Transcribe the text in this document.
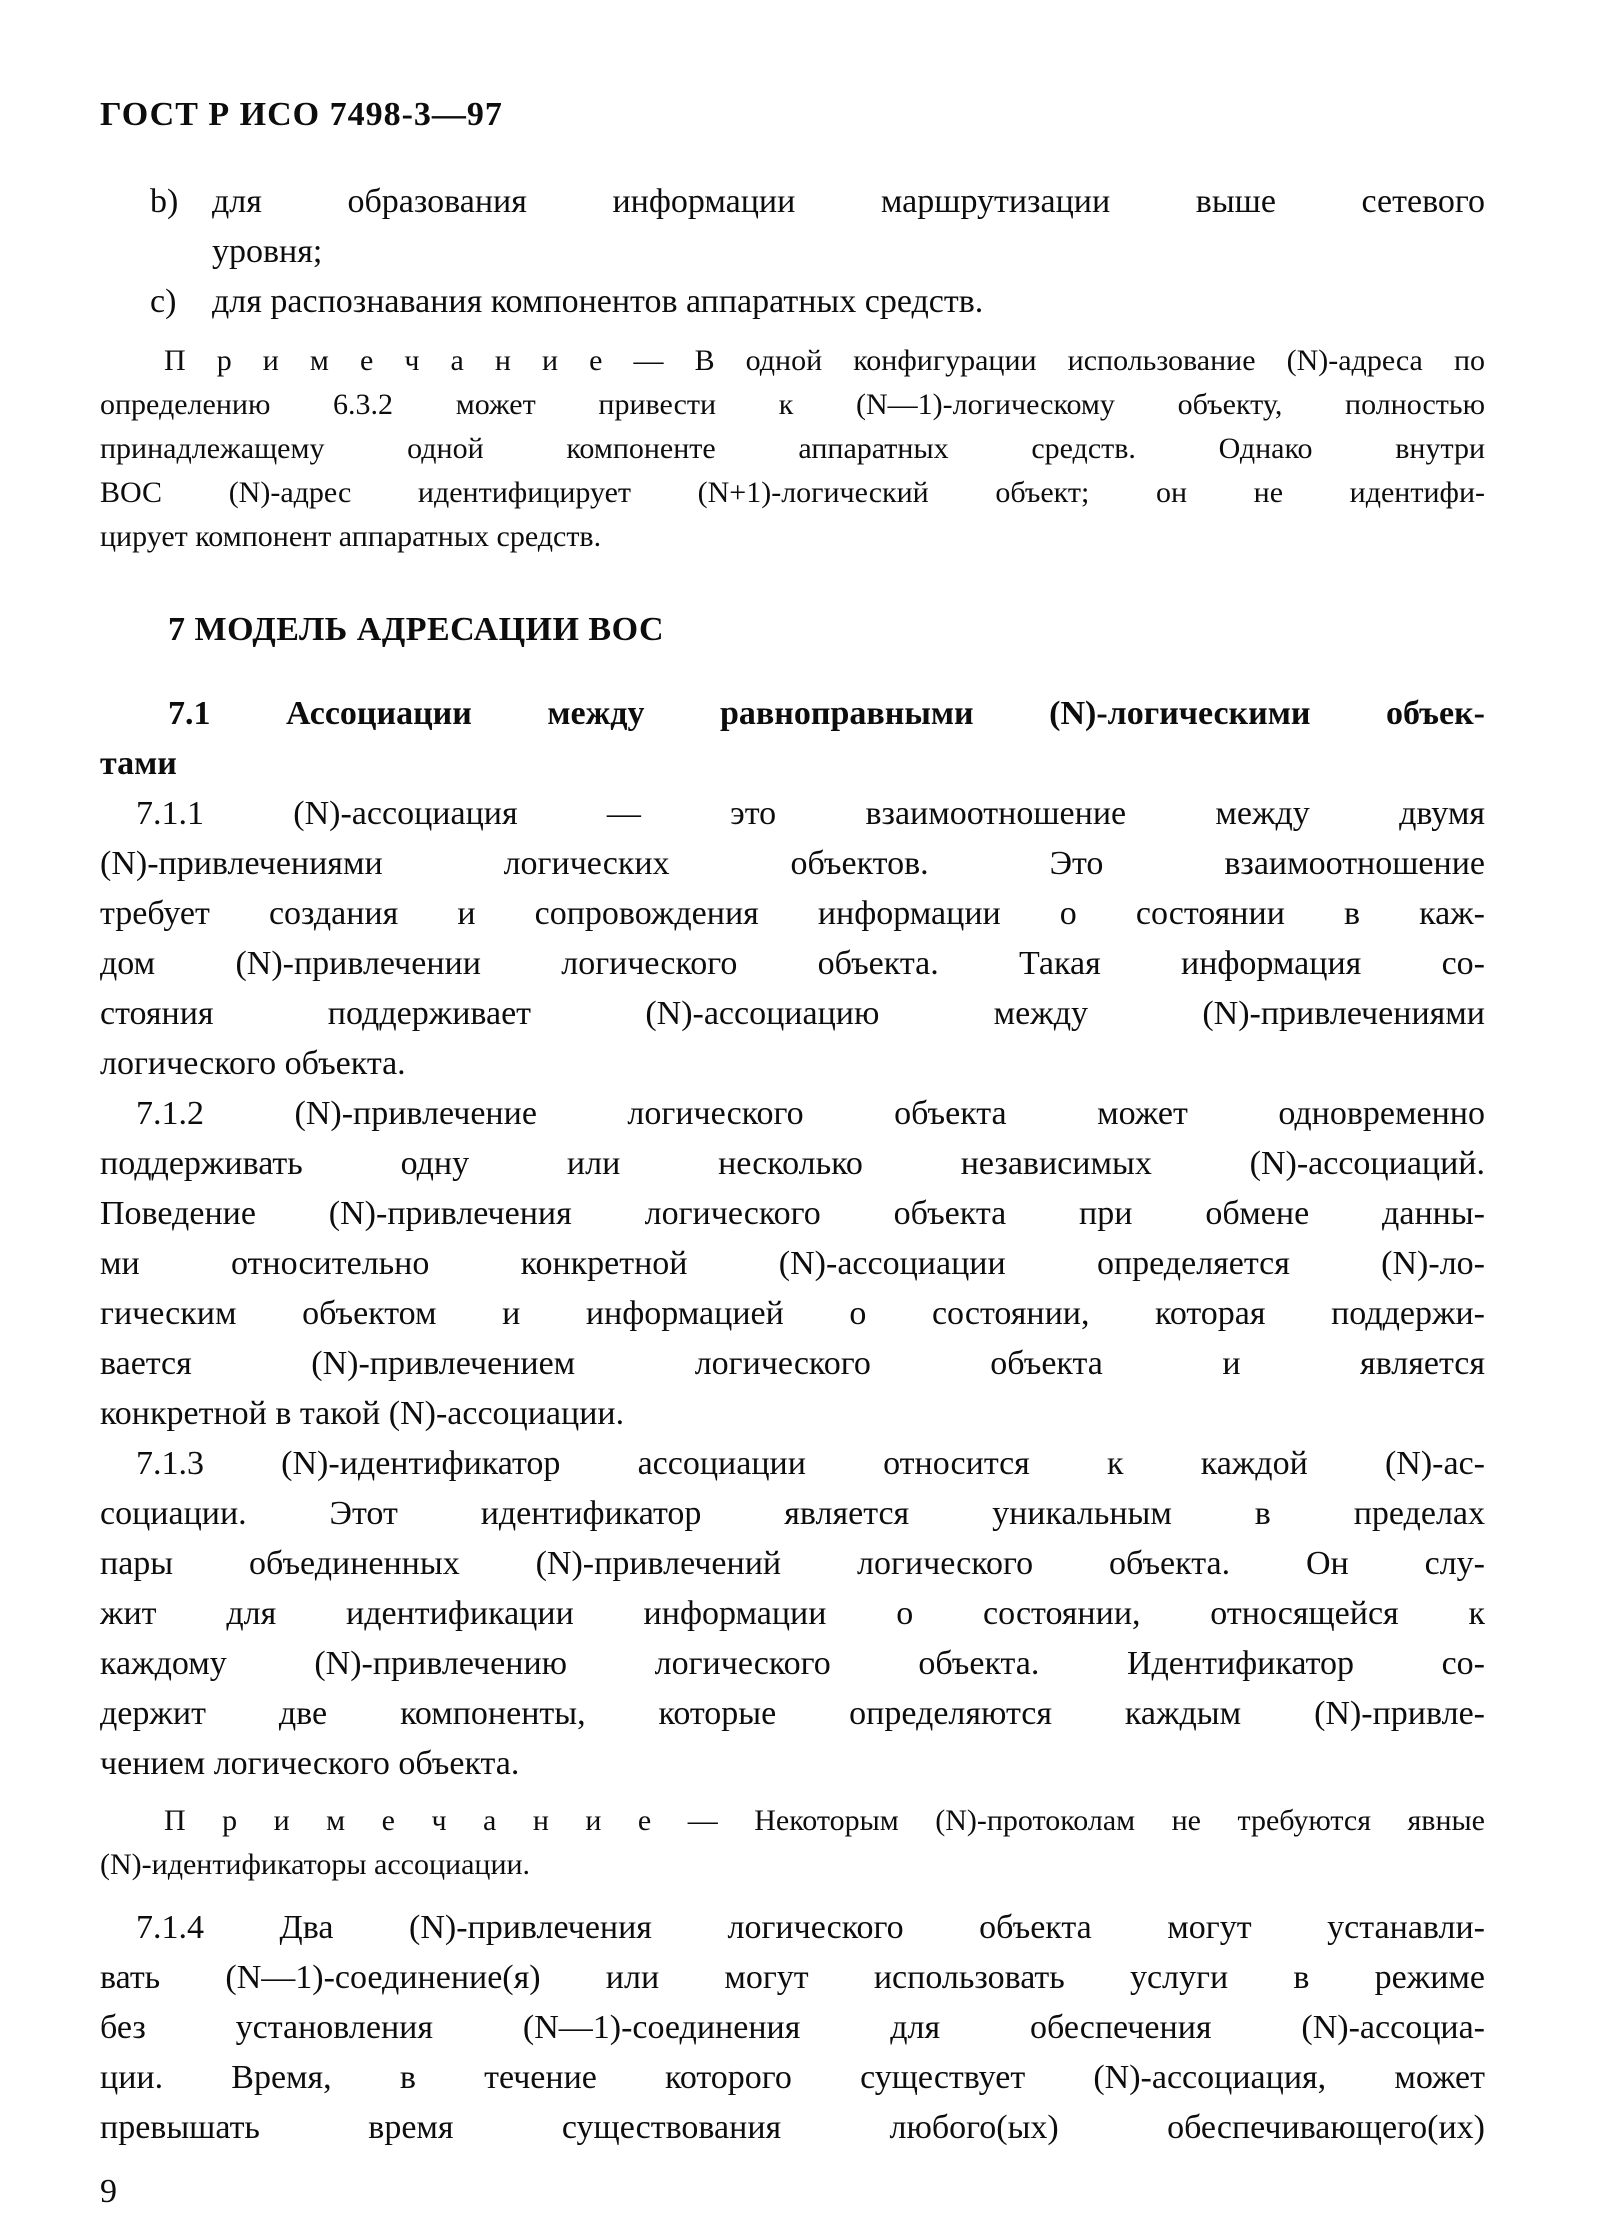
ГОСТ Р ИСО 7498-3—97
b) для образования информации маршрутизации выше сетевого
уровня;
c) для распознавания компонентов аппаратных средств.
П р и м е ч а н и е — В одной конфигурации использование (N)-адреса по
определению 6.3.2 может привести к (N—1)-логическому объекту, полностью
принадлежащему одной компоненте аппаратных средств. Однако внутри
ВОС (N)-адрес идентифицирует (N+1)-логический объект; он не идентифи-
цирует компонент аппаратных средств.
7 МОДЕЛЬ АДРЕСАЦИИ ВОС
7.1 Ассоциации между равноправными (N)-логическими объек-
тами
7.1.1 (N)-ассоциация — это взаимоотношение между двумя
(N)-привлечениями логических объектов. Это взаимоотношение
требует создания и сопровождения информации о состоянии в каж-
дом (N)-привлечении логического объекта. Такая информация со-
стояния поддерживает (N)-ассоциацию между (N)-привлечениями
логического объекта.
7.1.2 (N)-привлечение логического объекта может одновременно
поддерживать одну или несколько независимых (N)-ассоциаций.
Поведение (N)-привлечения логического объекта при обмене данны-
ми относительно конкретной (N)-ассоциации определяется (N)-ло-
гическим объектом и информацией о состоянии, которая поддержи-
вается (N)-привлечением логического объекта и является
конкретной в такой (N)-ассоциации.
7.1.3 (N)-идентификатор ассоциации относится к каждой (N)-ас-
социации. Этот идентификатор является уникальным в пределах
пары объединенных (N)-привлечений логического объекта. Он слу-
жит для идентификации информации о состоянии, относящейся к
каждому (N)-привлечению логического объекта. Идентификатор со-
держит две компоненты, которые определяются каждым (N)-привле-
чением логического объекта.
П р и м е ч а н и е — Некоторым (N)-протоколам не требуются явные
(N)-идентификаторы ассоциации.
7.1.4 Два (N)-привлечения логического объекта могут устанавли-
вать (N—1)-соединение(я) или могут использовать услуги в режиме
без установления (N—1)-соединения для обеспечения (N)-ассоциа-
ции. Время, в течение которого существует (N)-ассоциация, может
превышать время существования любого(ых) обеспечивающего(их)
9
